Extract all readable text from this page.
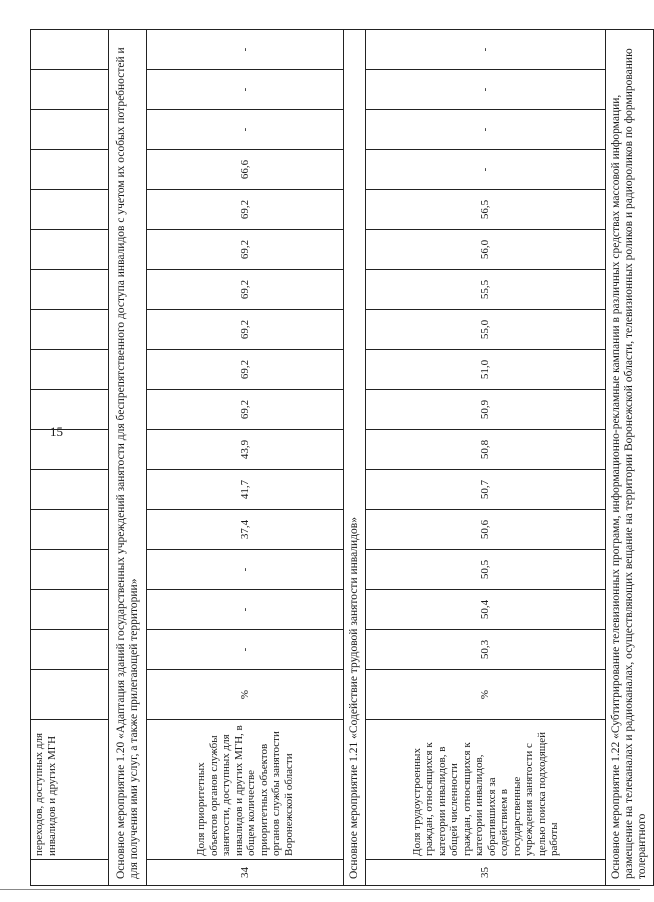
15
	переходов, доступных для инвалидов и других МГН																	
Основное мероприятие 1.20 «Адаптация зданий государственных учреждений занятости для беспрепятственного доступа инвалидов с учетом их особых потребностей и для получения ими услуг, а также прилегающей территории»																		
34	Доля приоритетных объектов органов службы занятости, доступных для инвалидов и других МГН, в общем количестве приоритетных объектов органов службы занятости Воронежской области	%	-	-	-	37,4	41,7	43,9	69,2	69,2	69,2	69,2	69,2	69,2	66,6	-	-	-
Основное мероприятие 1.21 «Содействие трудовой занятости инвалидов»																		
35	Доля трудоустроенных граждан, относящихся к категории инвалидов, в общей численности граждан, относящихся к категории инвалидов, обратившихся за содействием в государственные учреждения занятости с целью поиска подходящей работы	%	50,3	50,4	50,5	50,6	50,7	50,8	50,9	51,0	55,0	55,5	56,0	56,5	-	-	-	-
Основное мероприятие 1.22 «Субтитрирование телевизионных программ, информационно-рекламные кампании в различных средствах массовой информации, размещение на телеканалах и радиоканалах, осуществляющих вещание на территории Воронежской области, телевизионных роликов и радиороликов по формированию толерантного																		
